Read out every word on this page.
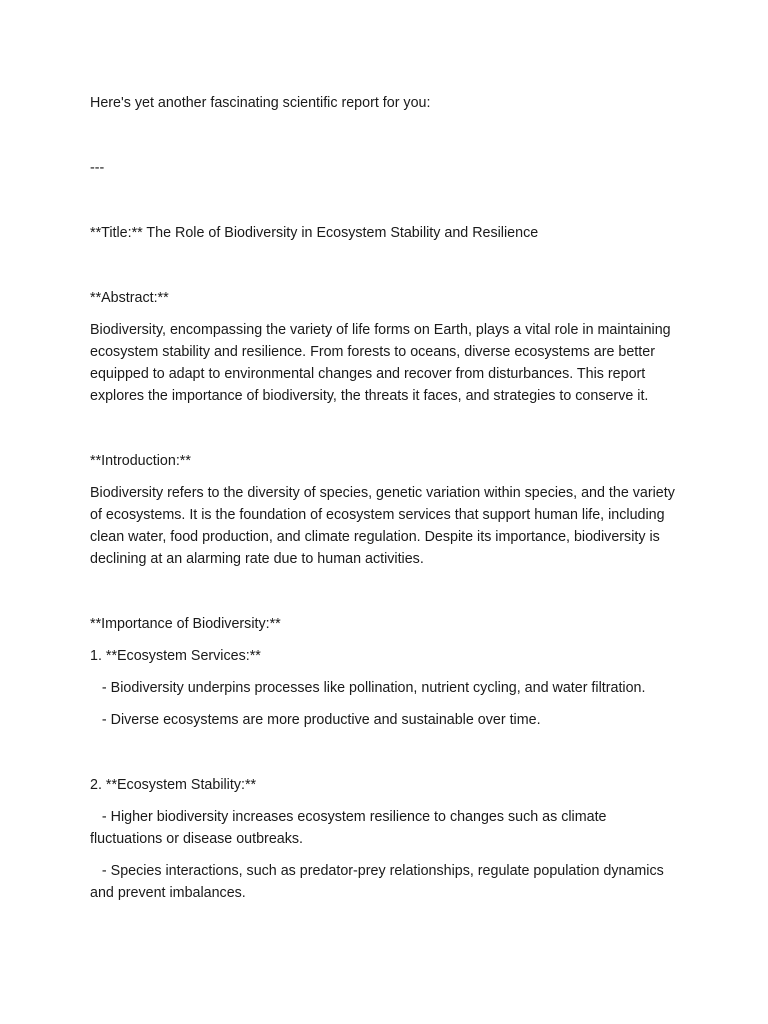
Here's yet another fascinating scientific report for you:

---

**Title:** The Role of Biodiversity in Ecosystem Stability and Resilience

**Abstract:**

Biodiversity, encompassing the variety of life forms on Earth, plays a vital role in maintaining ecosystem stability and resilience. From forests to oceans, diverse ecosystems are better equipped to adapt to environmental changes and recover from disturbances. This report explores the importance of biodiversity, the threats it faces, and strategies to conserve it.

**Introduction:**

Biodiversity refers to the diversity of species, genetic variation within species, and the variety of ecosystems. It is the foundation of ecosystem services that support human life, including clean water, food production, and climate regulation. Despite its importance, biodiversity is declining at an alarming rate due to human activities.

**Importance of Biodiversity:**

1. **Ecosystem Services:**

- Biodiversity underpins processes like pollination, nutrient cycling, and water filtration.

- Diverse ecosystems are more productive and sustainable over time.

2. **Ecosystem Stability:**

- Higher biodiversity increases ecosystem resilience to changes such as climate fluctuations or disease outbreaks.

- Species interactions, such as predator-prey relationships, regulate population dynamics and prevent imbalances.
